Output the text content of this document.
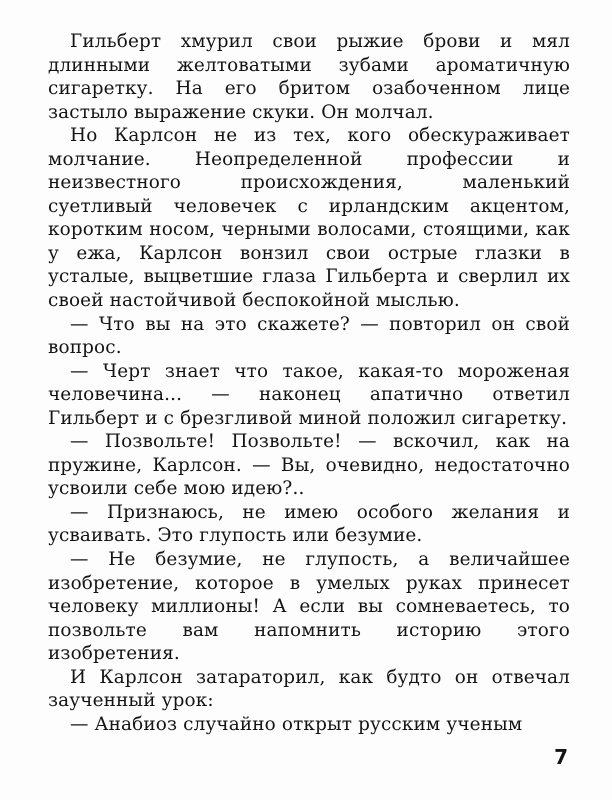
Гильберт хмурил свои рыжие брови и мял длинными желтоватыми зубами ароматичную сигаретку. На его бритом озабоченном лице застыло выражение скуки. Он молчал.

Но Карлсон не из тех, кого обескураживает молчание. Неопределенной профессии и неизвестного происхождения, маленький суетливый человечек с ирландским акцентом, коротким носом, черными волосами, стоящими, как у ежа, Карлсон вонзил свои острые глазки в усталые, выцветшие глаза Гильберта и сверлил их своей настойчивой беспокойной мыслью.

— Что вы на это скажете? — повторил он свой вопрос.

— Черт знает что такое, какая-то мороженая человечина... — наконец апатично ответил Гильберт и с брезгливой миной положил сигаретку.

— Позвольте! Позвольте! — вскочил, как на пружине, Карлсон. — Вы, очевидно, недостаточно усвоили себе мою идею?..

— Признаюсь, не имею особого желания и усваивать. Это глупость или безумие.

— Не безумие, не глупость, а величайшее изобретение, которое в умелых руках принесет человеку миллионы! А если вы сомневаетесь, то позвольте вам напомнить историю этого изобретения.

И Карлсон затараторил, как будто он отвечал заученный урок:

— Анабиоз случайно открыт русским ученым

7
